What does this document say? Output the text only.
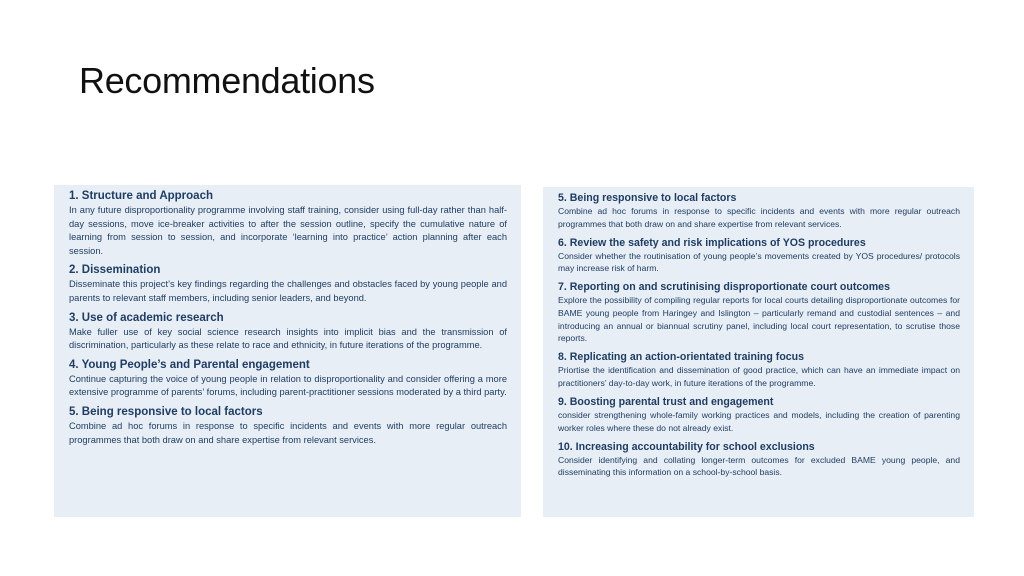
Recommendations

1. Structure and Approach

In any future disproportionality programme involving staff training, consider using full-day rather than half-day sessions, move ice-breaker activities to after the session outline, specify the cumulative nature of learning from session to session, and incorporate ‘learning into practice’ action planning after each session.

2. Dissemination

Disseminate this project’s key findings regarding the challenges and obstacles faced by young people and parents to relevant staff members, including senior leaders, and beyond.

3. Use of academic research

Make fuller use of key social science research insights into implicit bias and the transmission of discrimination, particularly as these relate to race and ethnicity, in future iterations of the programme.

4. Young People’s and Parental engagement

Continue capturing the voice of young people in relation to disproportionality and consider offering a more extensive programme of parents’ forums, including parent-practitioner sessions moderated by a third party.

5. Being responsive to local factors

Combine ad hoc forums in response to specific incidents and events with more regular outreach programmes that both draw on and share expertise from relevant services.

5. Being responsive to local factors

Combine ad hoc forums in response to specific incidents and events with more regular outreach programmes that both draw on and share expertise from relevant services.

6. Review the safety and risk implications of YOS procedures

Consider whether the routinisation of young people’s movements created by YOS procedures/ protocols may increase risk of harm.

7. Reporting on and scrutinising disproportionate court outcomes

Explore the possibility of compiling regular reports for local courts detailing disproportionate outcomes for BAME young people from Haringey and Islington – particularly remand and custodial sentences – and introducing an annual or biannual scrutiny panel, including local court representation, to scrutise those reports.

8. Replicating an action-orientated training focus

Priortise the identification and dissemination of good practice, which can have an immediate impact on practitioners’ day-to-day work, in future iterations of the programme.

9. Boosting parental trust and engagement

consider strengthening whole-family working practices and models, including the creation of parenting worker roles where these do not already exist.

10. Increasing accountability for school exclusions

Consider identifying and collating longer-term outcomes for excluded BAME young people, and disseminating this information on a school-by-school basis.
